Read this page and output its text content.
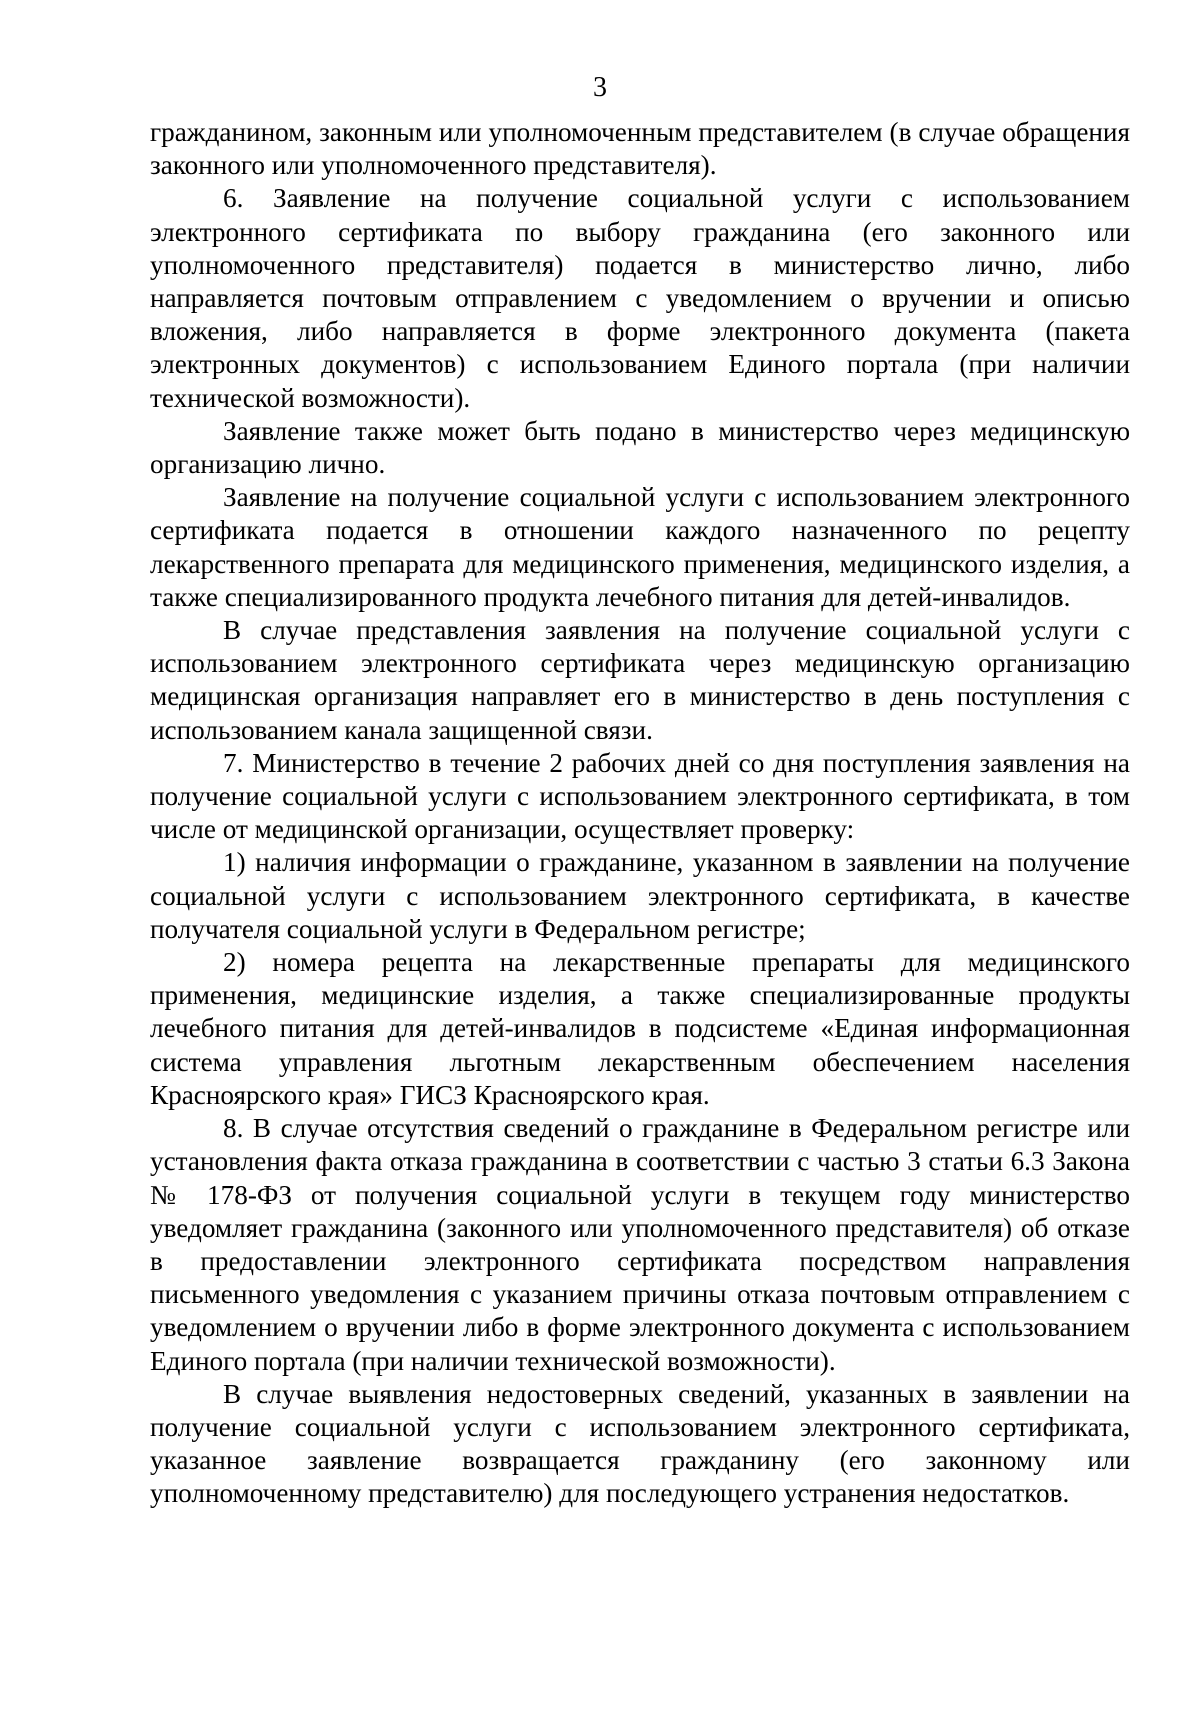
3

гражданином, законным или уполномоченным представителем (в случае обращения законного или уполномоченного представителя).

6. Заявление на получение социальной услуги с использованием электронного сертификата по выбору гражданина (его законного или уполномоченного представителя) подается в министерство лично, либо направляется почтовым отправлением с уведомлением о вручении и описью вложения, либо направляется в форме электронного документа (пакета электронных документов) с использованием Единого портала (при наличии технической возможности).

Заявление также может быть подано в министерство через медицинскую организацию лично.

Заявление на получение социальной услуги с использованием электронного сертификата подается в отношении каждого назначенного по рецепту лекарственного препарата для медицинского применения, медицинского изделия, а также специализированного продукта лечебного питания для детей-инвалидов.

В случае представления заявления на получение социальной услуги с использованием электронного сертификата через медицинскую организацию медицинская организация направляет его в министерство в день поступления с использованием канала защищенной связи.

7. Министерство в течение 2 рабочих дней со дня поступления заявления на получение социальной услуги с использованием электронного сертификата, в том числе от медицинской организации, осуществляет проверку:

1) наличия информации о гражданине, указанном в заявлении на получение социальной услуги с использованием электронного сертификата, в качестве получателя социальной услуги в Федеральном регистре;

2) номера рецепта на лекарственные препараты для медицинского применения, медицинские изделия, а также специализированные продукты лечебного питания для детей-инвалидов в подсистеме «Единая информационная система управления льготным лекарственным обеспечением населения Красноярского края» ГИСЗ Красноярского края.

8. В случае отсутствия сведений о гражданине в Федеральном регистре или установления факта отказа гражданина в соответствии с частью 3 статьи 6.3 Закона № 178-ФЗ от получения социальной услуги в текущем году министерство уведомляет гражданина (законного или уполномоченного представителя) об отказе в предоставлении электронного сертификата посредством направления письменного уведомления с указанием причины отказа почтовым отправлением с уведомлением о вручении либо в форме электронного документа с использованием Единого портала (при наличии технической возможности).

В случае выявления недостоверных сведений, указанных в заявлении на получение социальной услуги с использованием электронного сертификата, указанное заявление возвращается гражданину (его законному или уполномоченному представителю) для последующего устранения недостатков.
